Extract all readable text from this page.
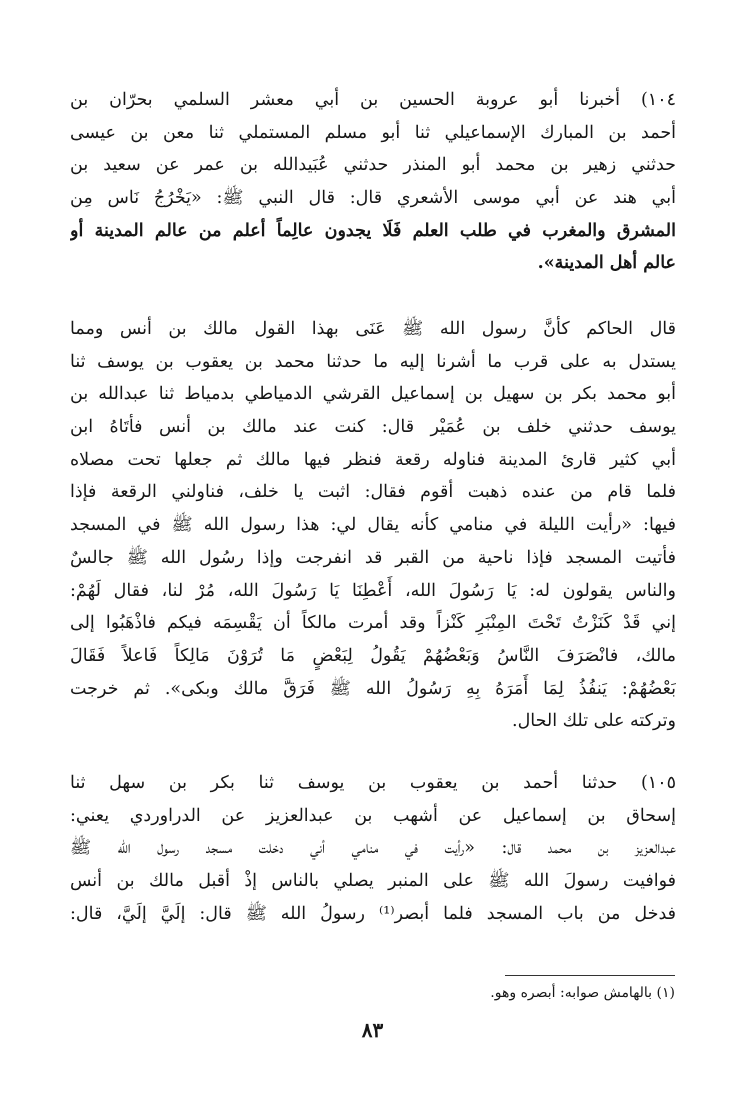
١٠٤) أخبرنا أبو عروبة الحسين بن أبي معشر السلمي بحرّان بن
أحمد بن المبارك الإسماعيلي ثنا أبو مسلم المستملي ثنا معن بن عيسى
حدثني زهير بن محمد أبو المنذر حدثني عُبَيدالله بن عمر عن سعيد بن
أبي هند عن أبي موسى الأشعري قال: قال النبي ﷺ: «يَخْرُجُ نَاس مِن
المشرق والمغرب في طلب العلم فَلَا يجدون عالِماً أعلم من عالم المدينة أو
عالم أهل المدينة».
قال الحاكم كأنَّ رسول الله ﷺ عَنَى بهذا القول مالك بن أنس ومما
يستدل به على قرب ما أشرنا إليه ما حدثنا محمد بن يعقوب بن يوسف ثنا
أبو محمد بكر بن سهيل بن إسماعيل القرشي الدمياطي بدمياط ثنا عبدالله بن
يوسف حدثني خلف بن عُمَيْر قال: كنت عند مالك بن أنس فأتَاهُ ابن
أبي كثير قارئ المدينة فناوله رقعة فنظر فيها مالك ثم جعلها تحت مصلاه
فلما قام من عنده ذهبت أقوم فقال: اثبت يا خلف، فناولني الرقعة فإذا
فيها: «رأيت الليلة في منامي كأنه يقال لي: هذا رسول الله ﷺ في المسجد
فأتيت المسجد فإذا ناحية من القبر قد انفرجت وإذا رسُول الله ﷺ جالسٌ
والناس يقولون له: يَا رَسُولَ الله، أَعْطِنَا يَا رَسُولَ الله، مُرْ لنا، فقال لَهُمْ:
إني قَدْ كَنَزْتُ تَحْتَ المِنْبَرِ كَنْزاً وقد أمرت مالكاً أن يَقْسِمَه فيكم فاذْهَبُوا إلى
مالك، فانْصَرَفَ النَّاسُ وَبَعْضُهُمْ يَقُولُ لِبَعْضٍ مَا تُرَوْنَ مَالِكاً فَاعلاً فَقَالَ
بَعْضُهُمْ: يَنفُذُ لِمَا أَمَرَهُ بِهِ رَسُولُ الله ﷺ فَرَقَّ مالك وبكى». ثم خرجت
وتركته على تلك الحال.
١٠٥) حدثنا أحمد بن يعقوب بن يوسف ثنا بكر بن سهل ثنا
إسحاق بن إسماعيل عن أشهب بن عبدالعزيز عن الدراوردي يعني:
عبدالعزيز بن محمد قال: «رأيت في منامي أني دخلت مسجد رسول الله ﷺ
فوافيت رسولَ الله ﷺ على المنبر يصلي بالناس إذْ أقبل مالك بن أنس
فدخل من باب المسجد فلما أبصر⁽¹⁾ رسولُ الله ﷺ قال: إلَيَّ إلَيَّ، قال:
(١) بالهامش صوابه: أبصره وهو.
٨٣
